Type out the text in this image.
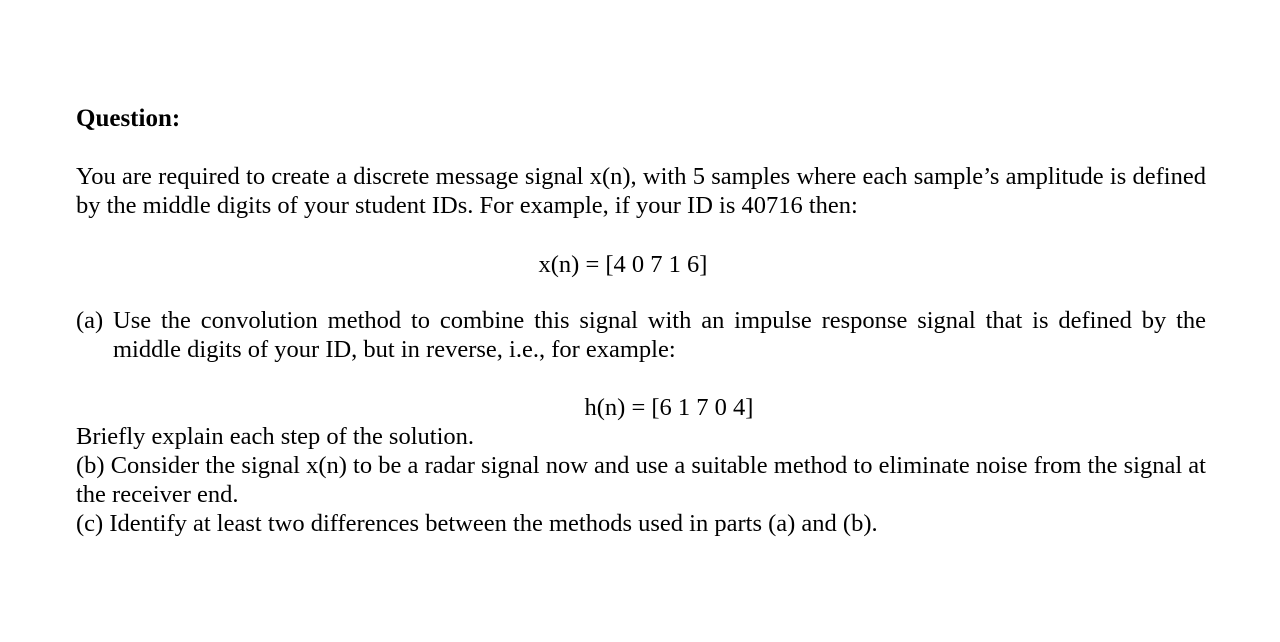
Question:
You are required to create a discrete message signal x(n), with 5 samples where each sample’s amplitude is defined by the middle digits of your student IDs. For example, if your ID is 40716 then:
x(n) = [4 0 7 1 6]
(a) Use the convolution method to combine this signal with an impulse response signal that is defined by the middle digits of your ID, but in reverse, i.e., for example:
h(n) = [6 1 7 0 4]
Briefly explain each step of the solution.
(b) Consider the signal x(n) to be a radar signal now and use a suitable method to eliminate noise from the signal at the receiver end.
(c) Identify at least two differences between the methods used in parts (a) and (b).
